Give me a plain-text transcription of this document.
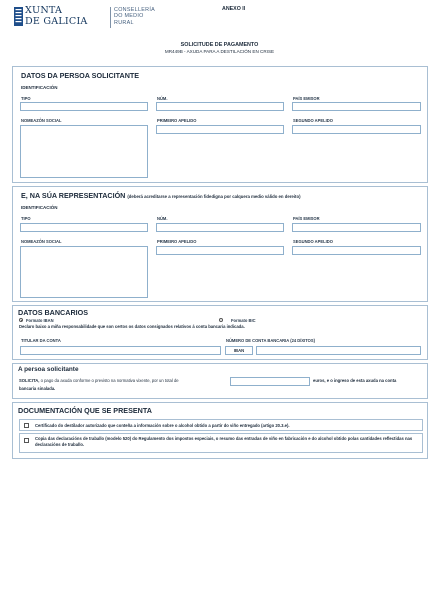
XUNTA
DE GALICIA
CONSELLERÍA
DO MEDIO
RURAL
ANEXO II
SOLICITUDE DE PAGAMENTO
MR449B - AXUDA PARA A DESTILACIÓN EN CRISE
DATOS DA PERSOA SOLICITANTE
IDENTIFICACIÓN
TIPO	NÚM.	PAÍS EMISOR
NOMEAZÓN SOCIAL	PRIMEIRO APELIDO	SEGUNDO APELIDO
E, NA SÚA REPRESENTACIÓN (deberá acreditarse a representación fidedigna por calquera medio válido en dereito)
IDENTIFICACIÓN
TIPO	NÚM.	PAÍS EMISOR
NOMEAZÓN SOCIAL	PRIMEIRO APELIDO	SEGUNDO APELIDO
DATOS BANCARIOS
Formato IBAN	Formato BIC
Declaro baixo a miña responsabilidade que son certos os datos consignados relativos á conta bancaria indicada.
TITULAR DA CONTA	NÚMERO DE CONTA BANCARIA (24 DÍXITOS)
IBAN
A persoa solicitante
SOLICITA, o pago da axuda conforme o previsto na normativa vixente, por un total de	euros, e o ingreso de esta axuda na conta
bancaria sinalada.
DOCUMENTACIÓN QUE SE PRESENTA
Certificado do destilador autorizado que conteña a información sobre o alcohol obtido a partir do viño entregado (artigo 20.3.e).
Copia das declaracións de traballo (modelo 520) do Regulamento dos impostos especiais, o resumo das entradas de viño en fabricación e do alcohol obtido polas cantidades reflectidas nas declaracións de traballo.
